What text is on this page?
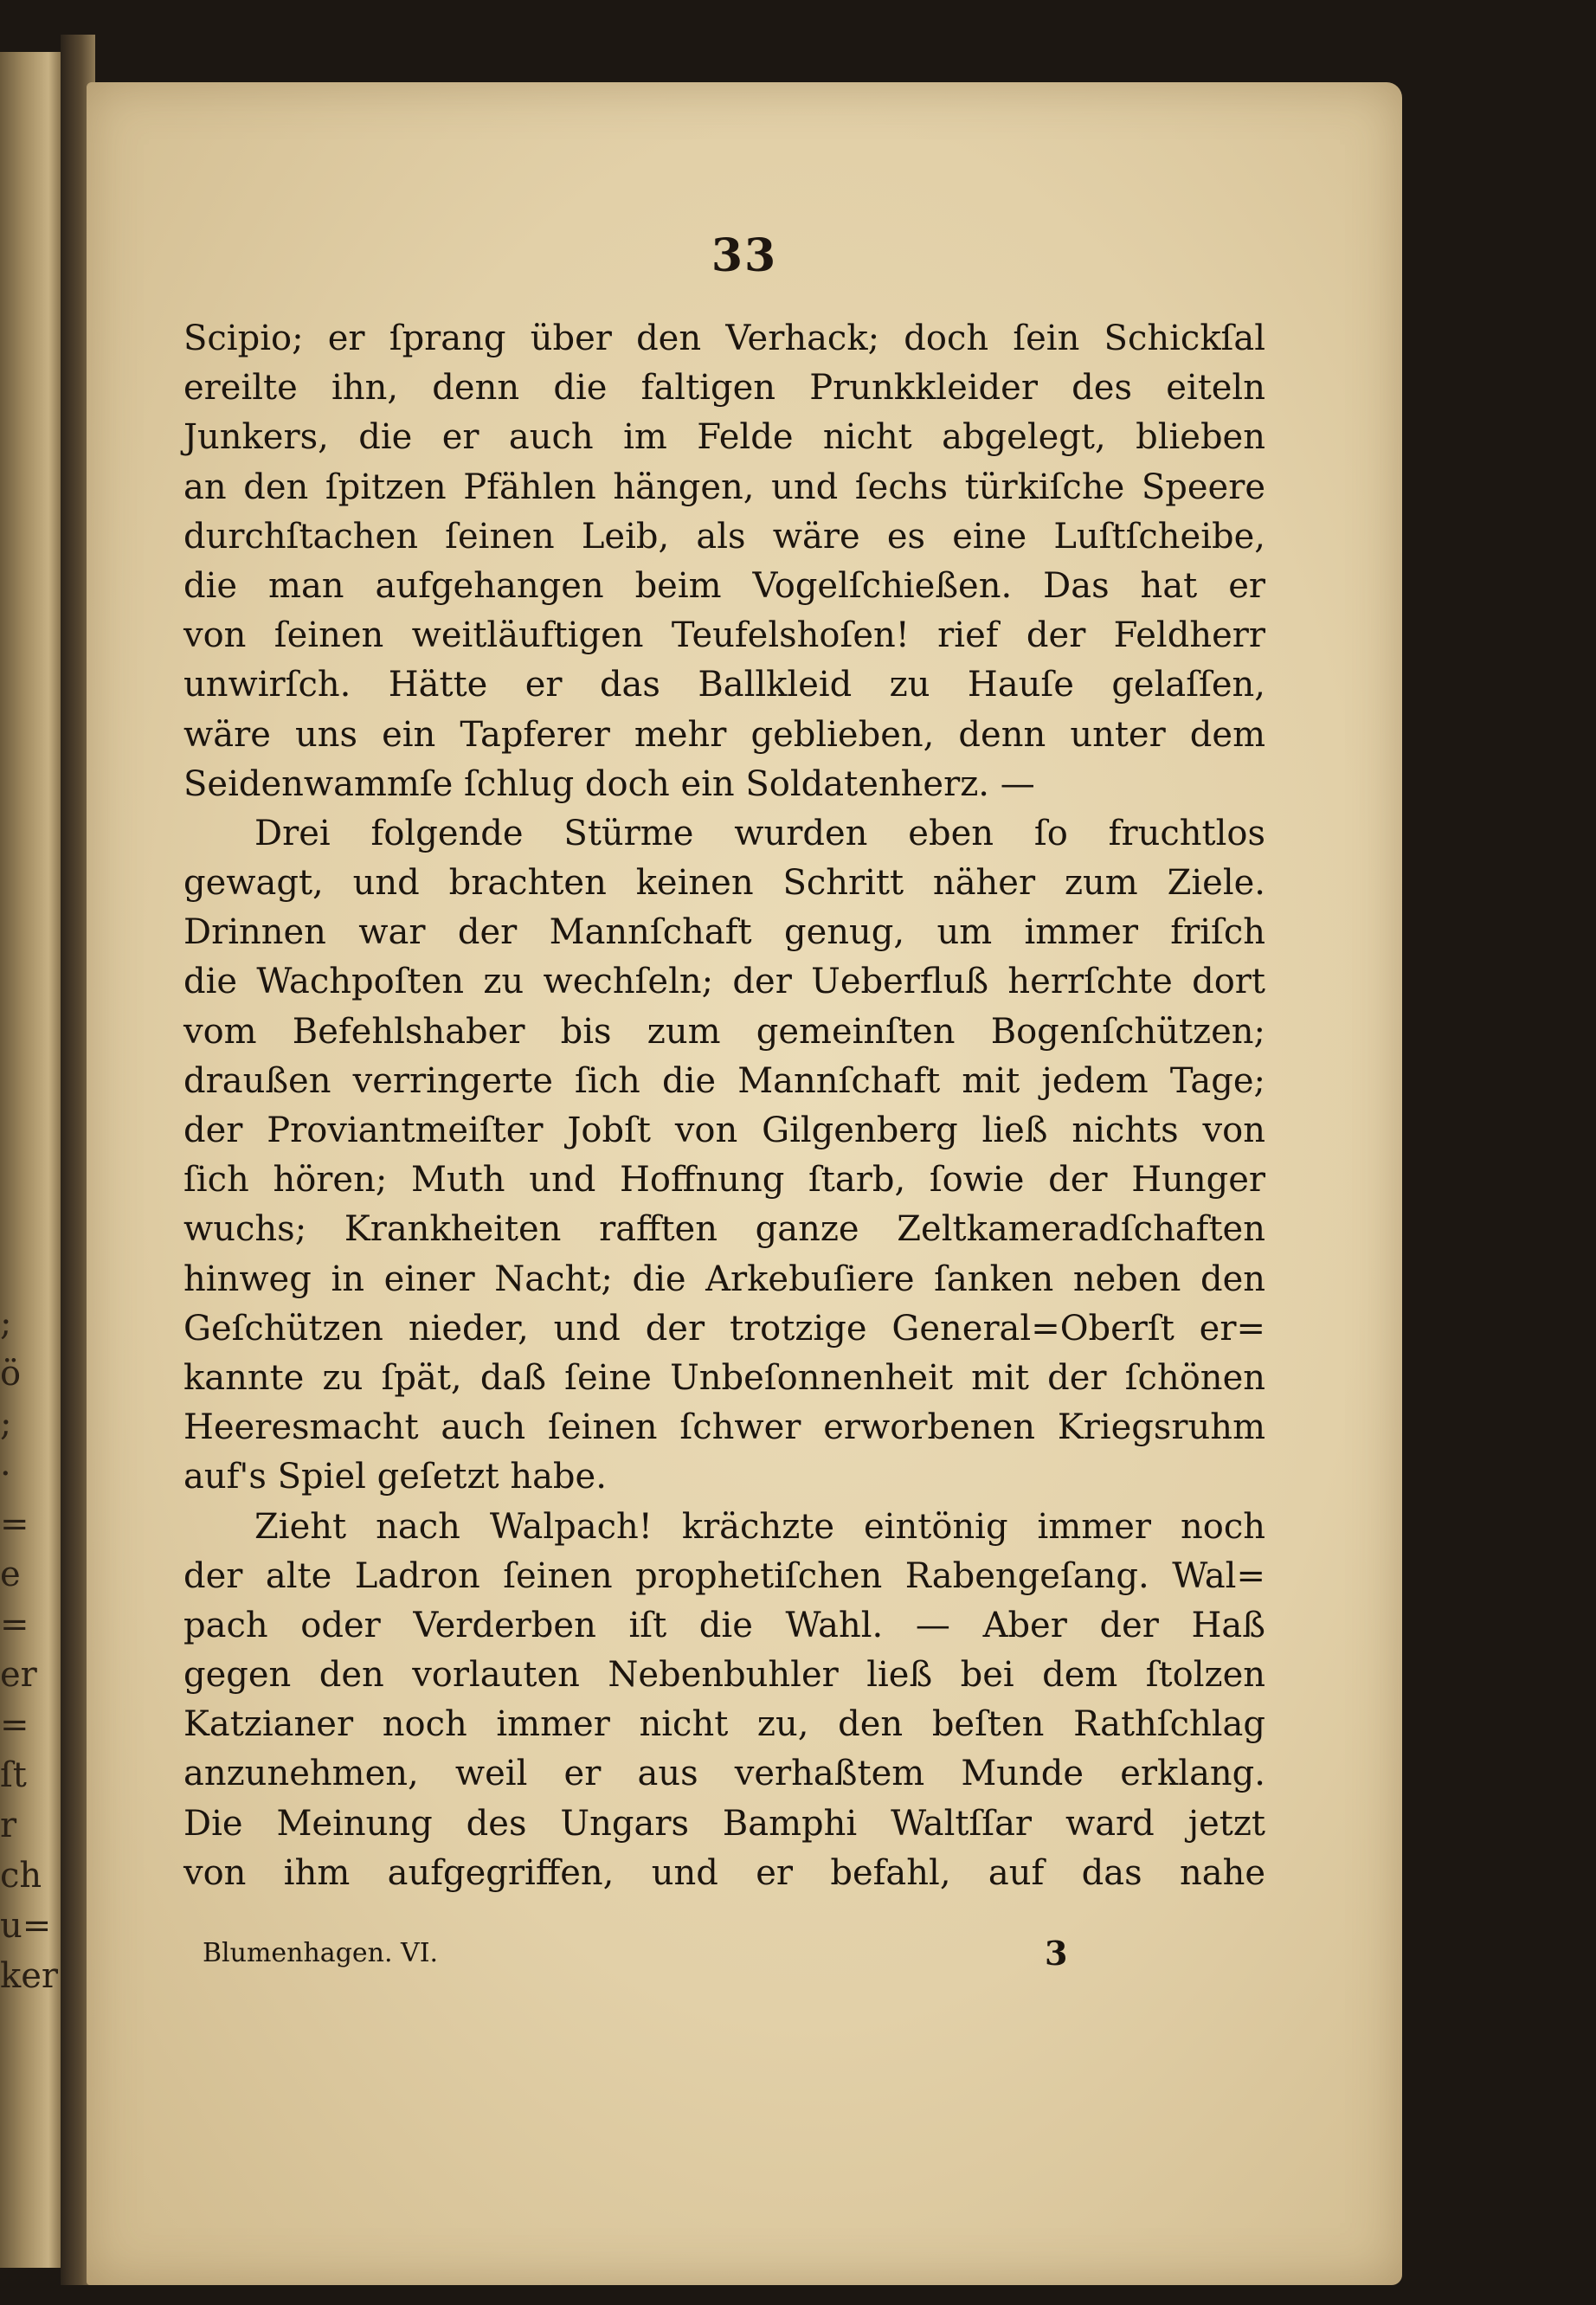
;
ö
;
·
=
e
=
er
=
ſt
r
ch
u=
ker
33
Scipio; er ſprang über den Verhack; doch ſein Schickſal
ereilte ihn, denn die faltigen Prunkkleider des eiteln
Junkers, die er auch im Felde nicht abgelegt, blieben
an den ſpitzen Pfählen hängen, und ſechs türkiſche Speere
durchſtachen ſeinen Leib, als wäre es eine Luſtſcheibe,
die man aufgehangen beim Vogelſchießen. Das hat er
von ſeinen weitläuftigen Teufelshoſen! rief der Feldherr
unwirſch. Hätte er das Ballkleid zu Hauſe gelaſſen,
wäre uns ein Tapferer mehr geblieben, denn unter dem
Seidenwammſe ſchlug doch ein Soldatenherz. —
Drei folgende Stürme wurden eben ſo fruchtlos
gewagt, und brachten keinen Schritt näher zum Ziele.
Drinnen war der Mannſchaft genug, um immer friſch
die Wachpoſten zu wechſeln; der Ueberfluß herrſchte dort
vom Befehlshaber bis zum gemeinſten Bogenſchützen;
draußen verringerte ſich die Mannſchaft mit jedem Tage;
der Proviantmeiſter Jobſt von Gilgenberg ließ nichts von
ſich hören; Muth und Hoffnung ſtarb, ſowie der Hunger
wuchs; Krankheiten rafften ganze Zeltkameradſchaften
hinweg in einer Nacht; die Arkebuſiere ſanken neben den
Geſchützen nieder, und der trotzige General=Oberſt er=
kannte zu ſpät, daß ſeine Unbeſonnenheit mit der ſchönen
Heeresmacht auch ſeinen ſchwer erworbenen Kriegsruhm
auf's Spiel geſetzt habe.
Zieht nach Walpach! krächzte eintönig immer noch
der alte Ladron ſeinen prophetiſchen Rabengeſang. Wal=
pach oder Verderben iſt die Wahl. — Aber der Haß
gegen den vorlauten Nebenbuhler ließ bei dem ſtolzen
Katzianer noch immer nicht zu, den beſten Rathſchlag
anzunehmen, weil er aus verhaßtem Munde erklang.
Die Meinung des Ungars Bamphi Waltſſar ward jetzt
von ihm aufgegriffen, und er befahl, auf das nahe
Blumenhagen. VI.	3
